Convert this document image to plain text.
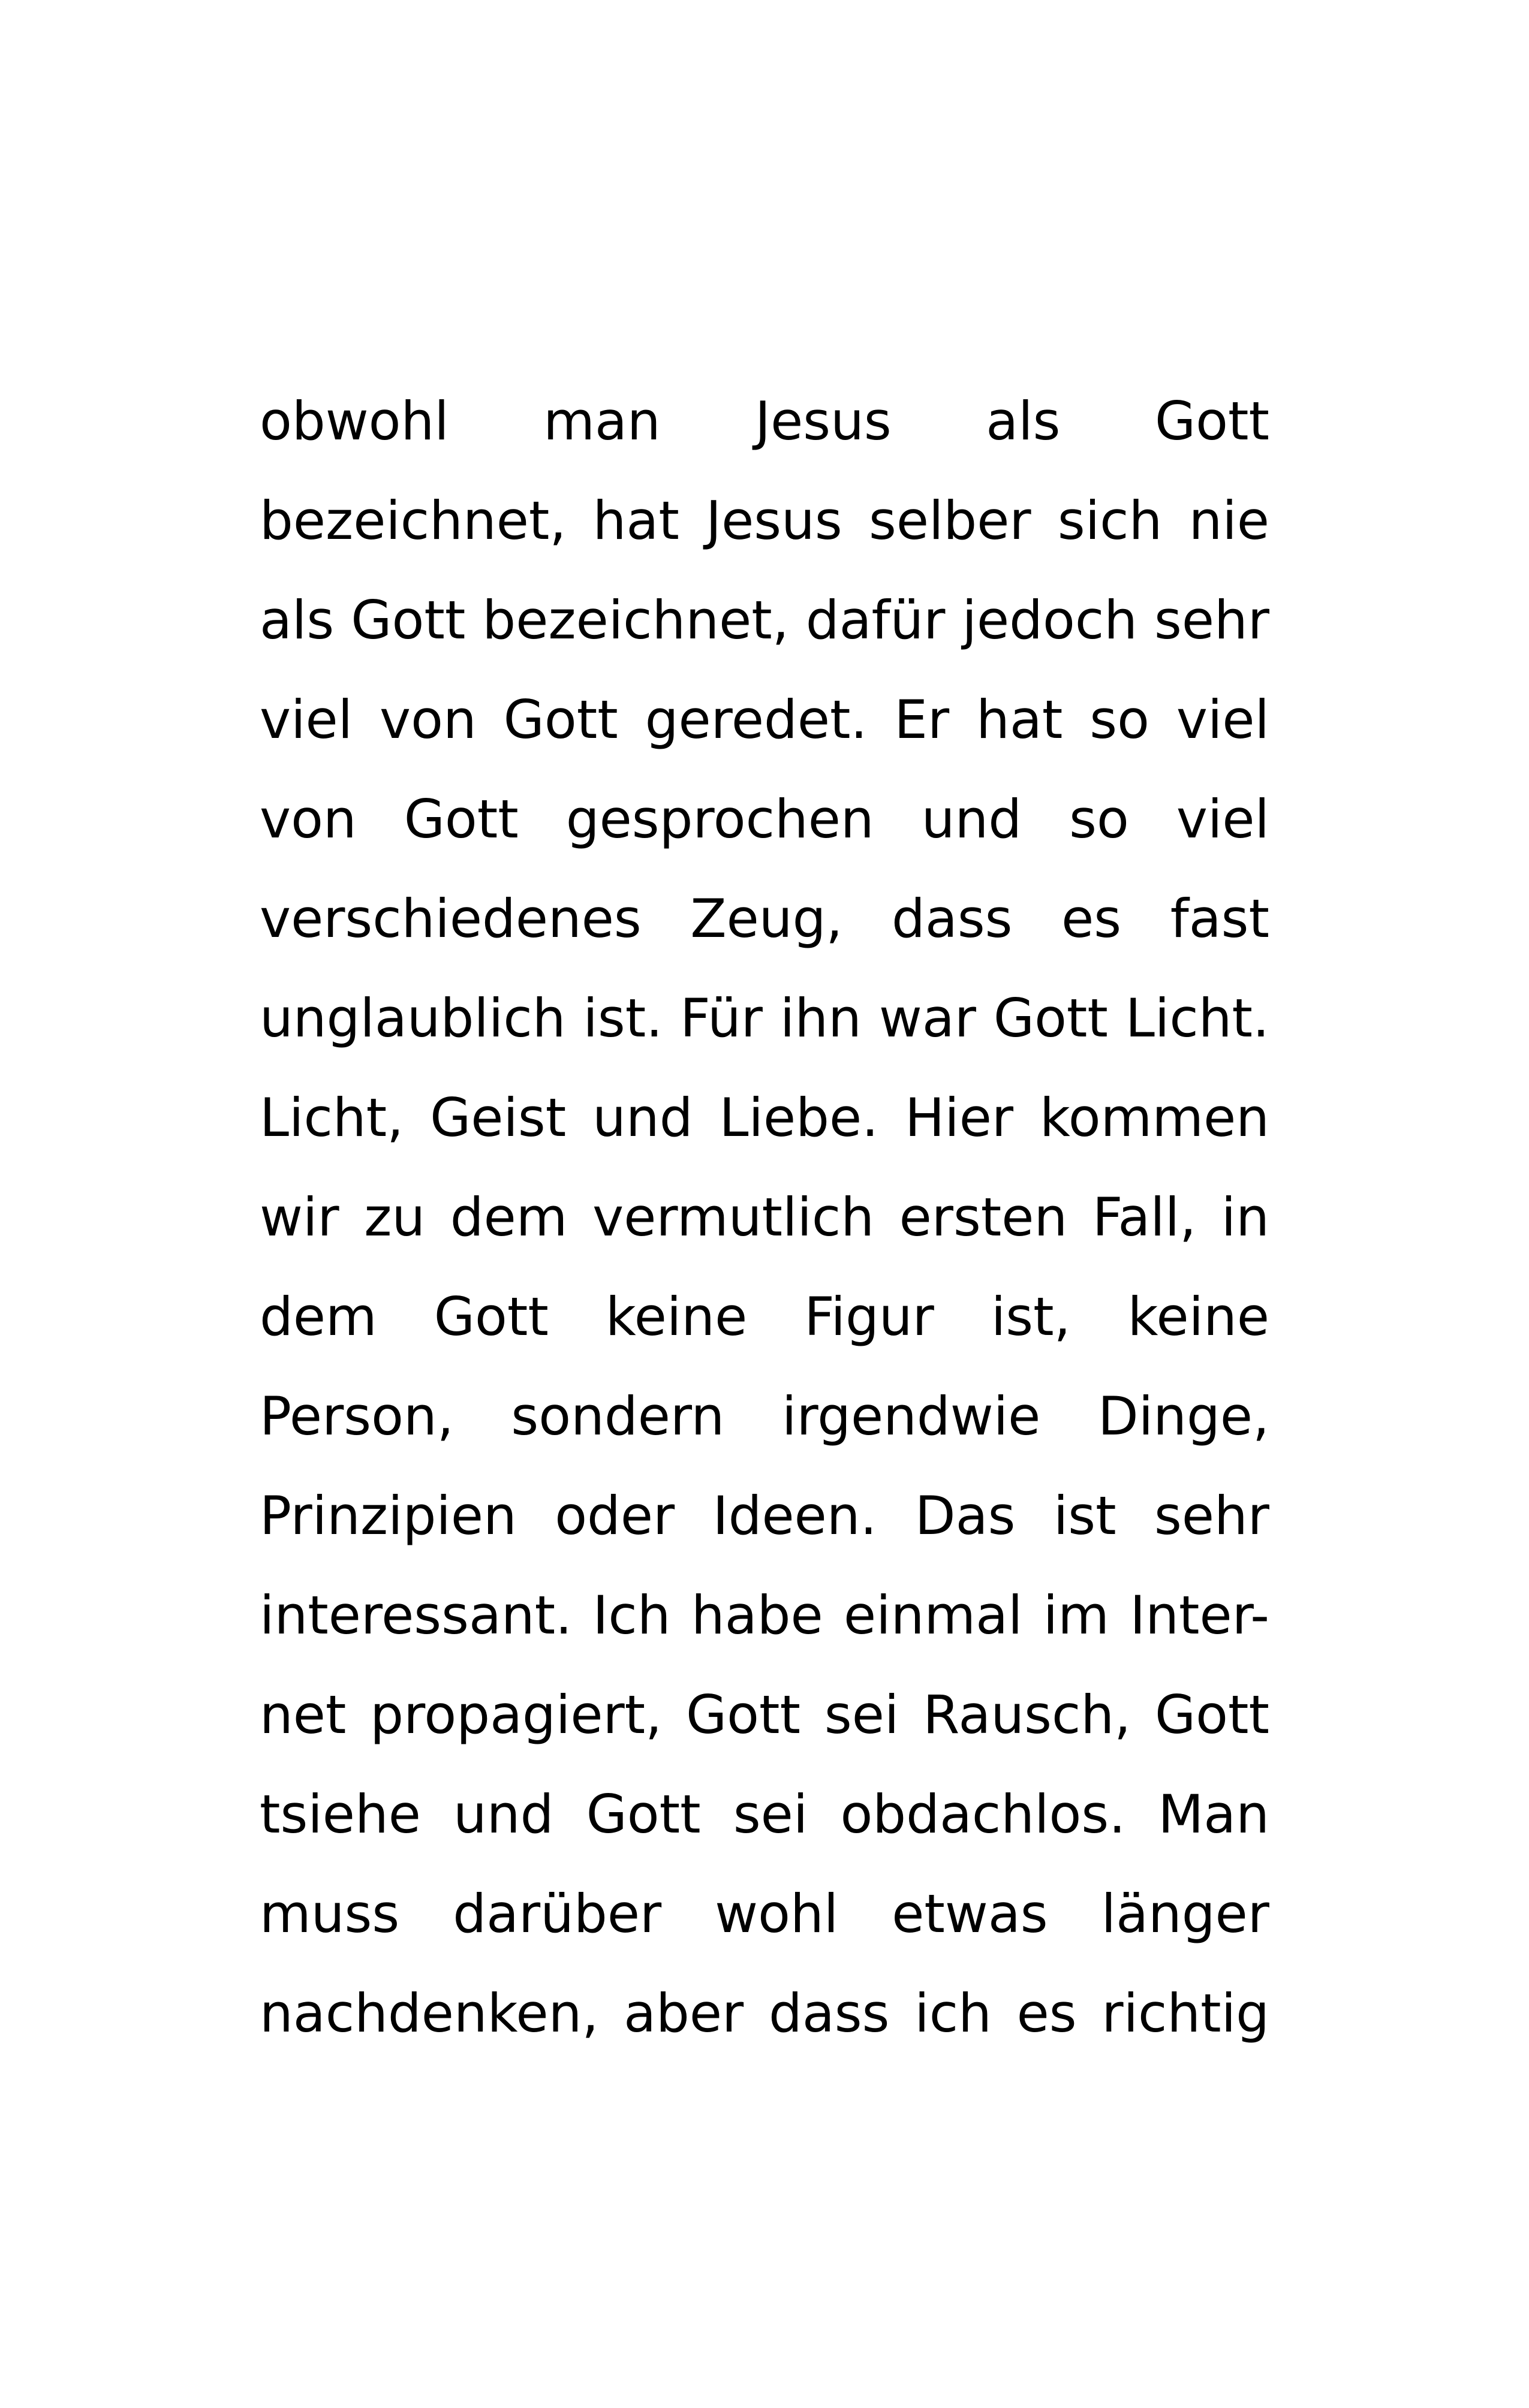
obwohl man Jesus als Gott
bezeichnet, hat Jesus selber sich nie
als Gott bezeichnet, dafür jedoch sehr
viel von Gott geredet. Er hat so viel
von Gott gesprochen und so viel
verschiedenes Zeug, dass es fast
unglaublich ist. Für ihn war Gott Licht.
Licht, Geist und Liebe. Hier kommen
wir zu dem vermutlich ersten Fall, in
dem Gott keine Figur ist, keine
Person, sondern irgendwie Dinge,
Prinzipien oder Ideen. Das ist sehr
interessant. Ich habe einmal im Inter-
net propagiert, Gott sei Rausch, Gott
tsiehe und Gott sei obdachlos. Man
muss darüber wohl etwas länger
nachdenken, aber dass ich es richtig
